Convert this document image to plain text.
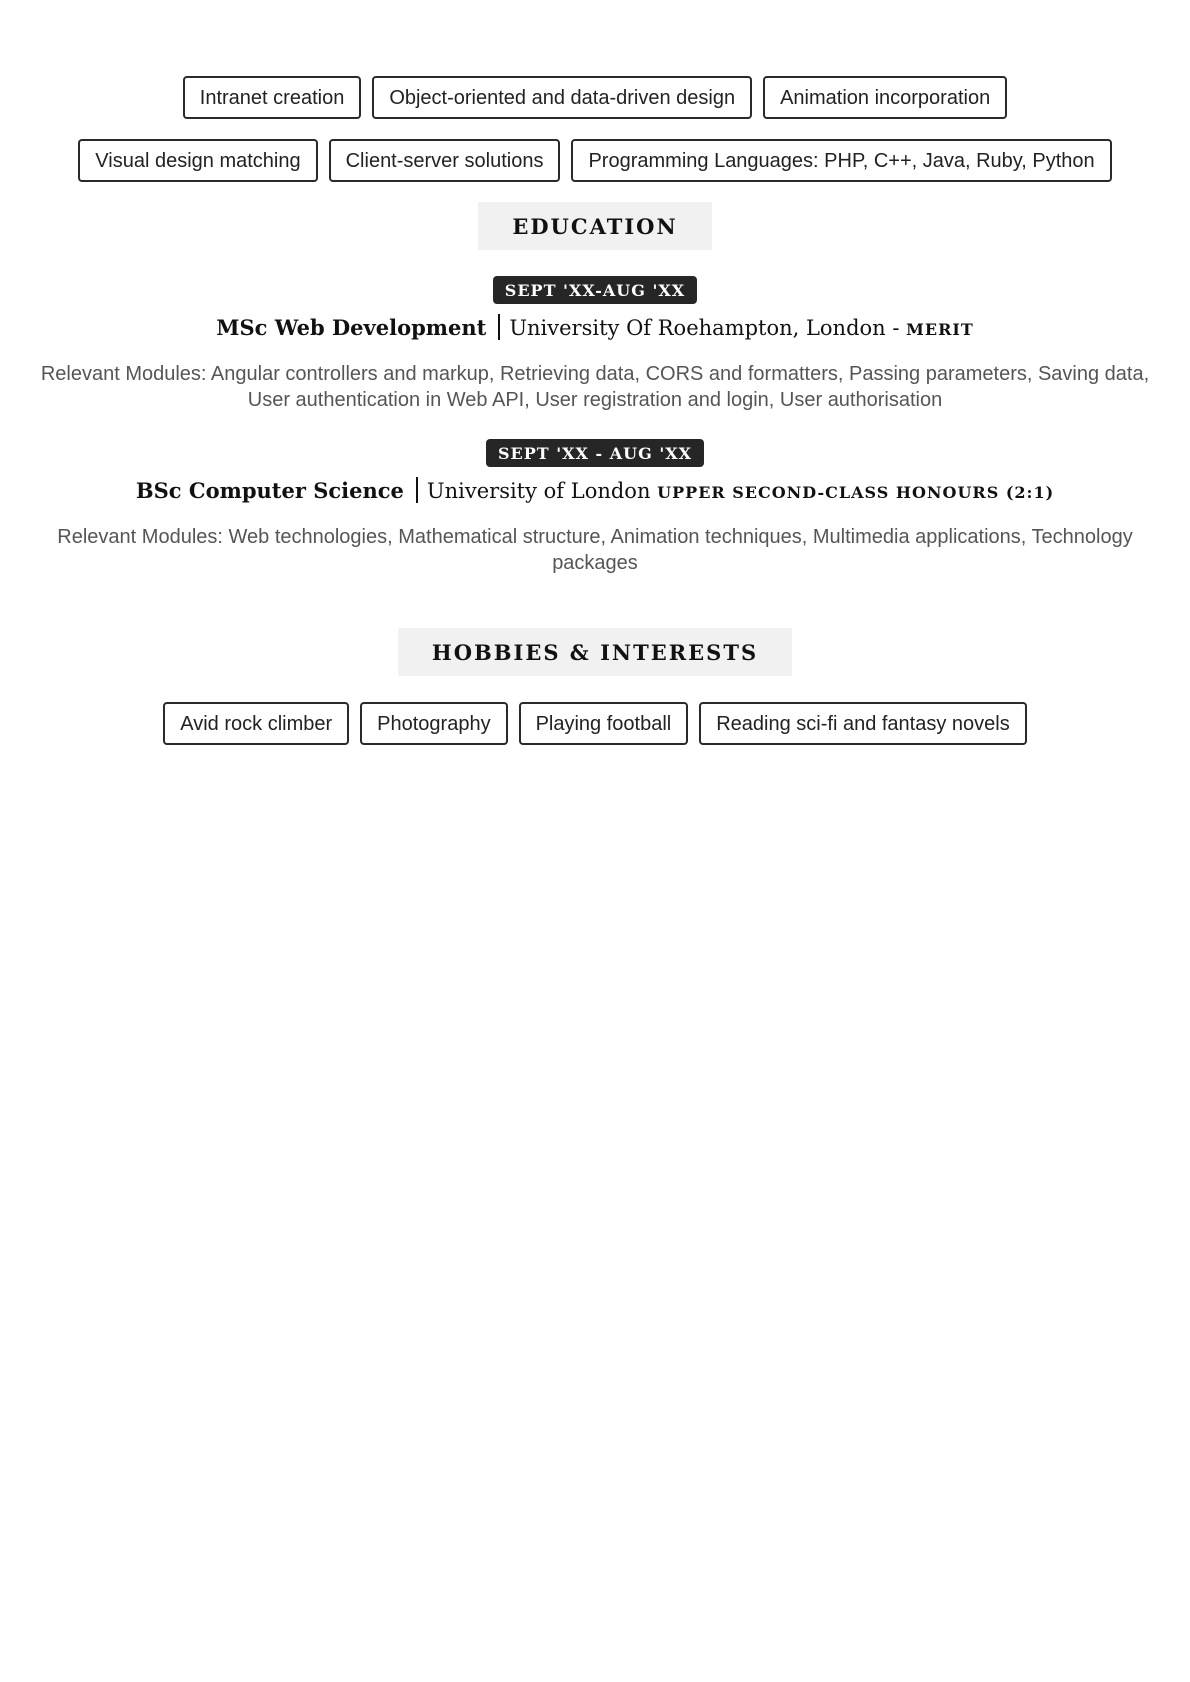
Intranet creation	Object-oriented and data-driven design	Animation incorporation
Visual design matching	Client-server solutions	Programming Languages: PHP, C++, Java, Ruby, Python
EDUCATION
SEPT 'XX-AUG 'XX
MSc Web Development University Of Roehampton, London - MERIT
Relevant Modules: Angular controllers and markup, Retrieving data, CORS and formatters, Passing parameters, Saving data, User authentication in Web API, User registration and login, User authorisation
SEPT 'XX - AUG 'XX
BSc Computer Science University of London UPPER SECOND-CLASS HONOURS (2:1)
Relevant Modules: Web technologies, Mathematical structure, Animation techniques, Multimedia applications, Technology packages
HOBBIES & INTERESTS
Avid rock climber	Photography	Playing football	Reading sci-fi and fantasy novels
